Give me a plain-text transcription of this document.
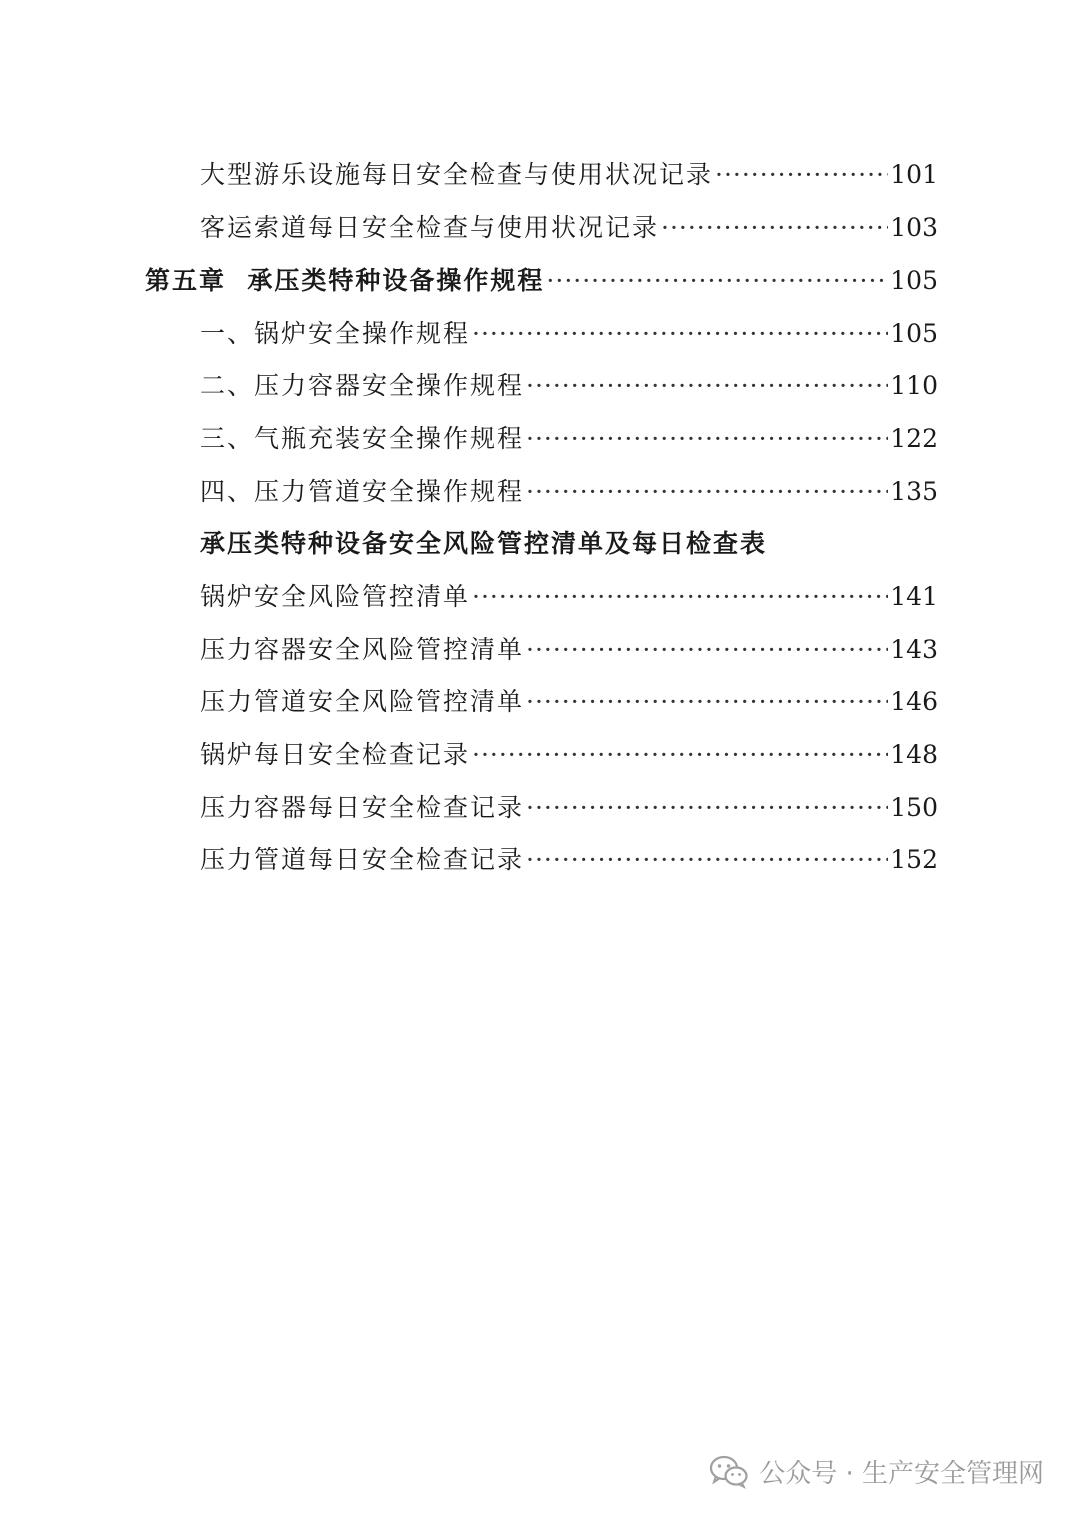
大型游乐设施每日安全检查与使用状况记录 ·····	101
客运索道每日安全检查与使用状况记录 ·····	103
第五章  承压类特种设备操作规程 ·····	105
一、锅炉安全操作规程 ·····	105
二、压力容器安全操作规程 ·····	110
三、气瓶充装安全操作规程 ·····	122
四、压力管道安全操作规程 ·····	135
承压类特种设备安全风险管控清单及每日检查表
锅炉安全风险管控清单 ·····	141
压力容器安全风险管控清单 ·····	143
压力管道安全风险管控清单 ·····	146
锅炉每日安全检查记录 ·····	148
压力容器每日安全检查记录 ·····	150
压力管道每日安全检查记录 ·····	152
公众号 · 生产安全管理网
